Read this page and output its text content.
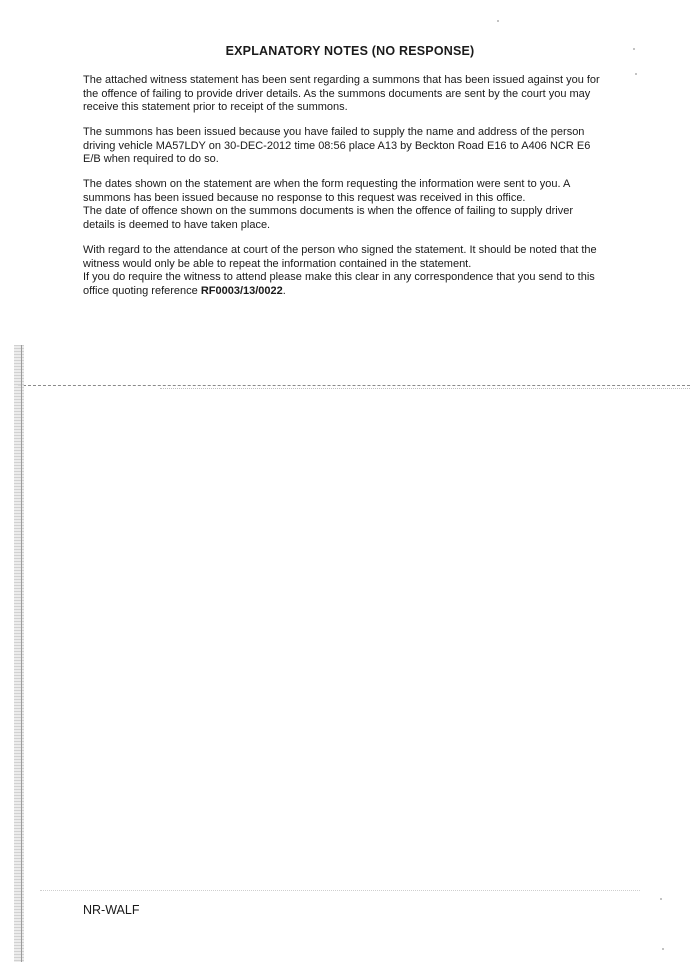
EXPLANATORY NOTES (NO RESPONSE)

The attached witness statement has been sent regarding a summons that has been issued against you for
the offence of failing to provide driver details. As the summons documents are sent by the court you may
receive this statement prior to receipt of the summons.

The summons has been issued because you have failed to supply the name and address of the person
driving vehicle MA57LDY on 30-DEC-2012 time 08:56 place A13 by Beckton Road E16 to A406 NCR E6
E/B when required to do so.

The dates shown on the statement are when the form requesting the information were sent to you. A
summons has been issued because no response to this request was received in this office.
The date of offence shown on the summons documents is when the offence of failing to supply driver
details is deemed to have taken place.

With regard to the attendance at court of the person who signed the statement. It should be noted that the
witness would only be able to repeat the information contained in the statement.
If you do require the witness to attend please make this clear in any correspondence that you send to this
office quoting reference RF0003/13/0022.

NR-WALF
